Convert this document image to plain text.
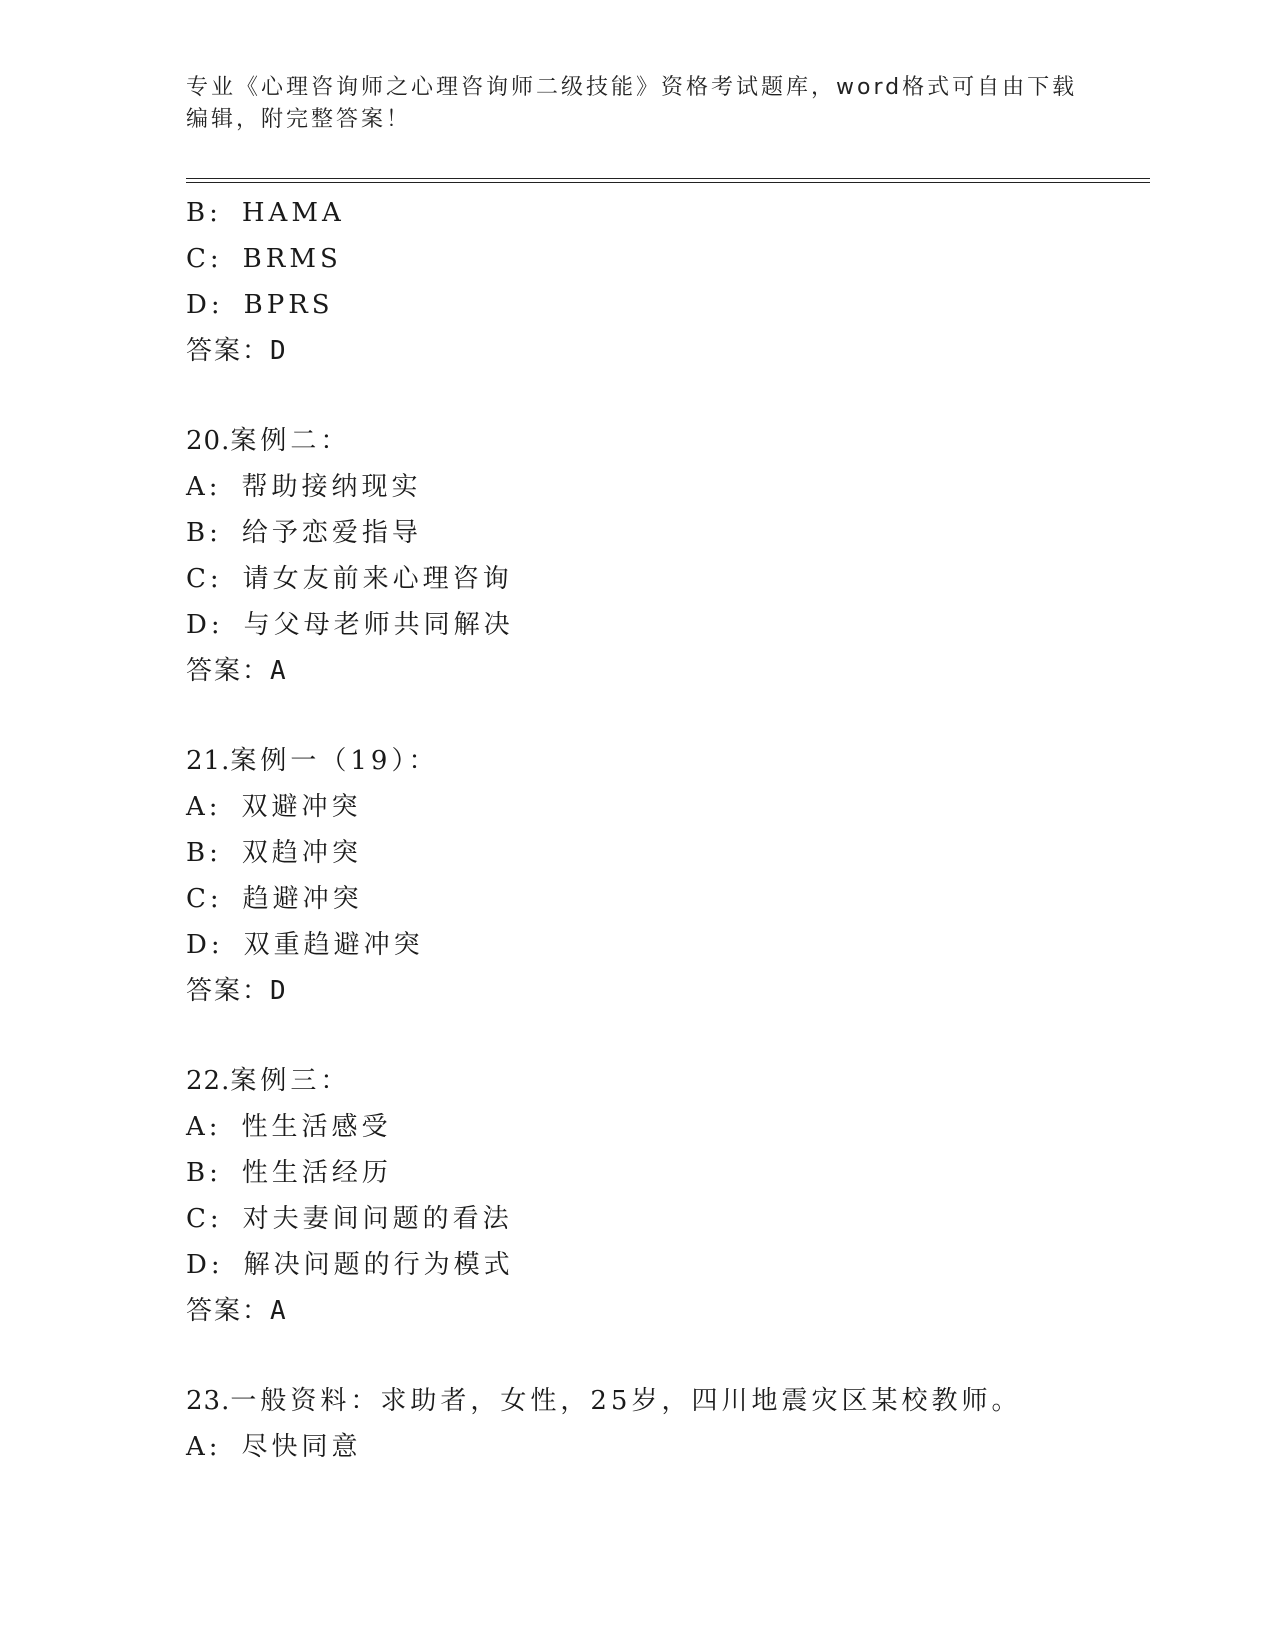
专业《心理咨询师之心理咨询师二级技能》资格考试题库，word格式可自由下载
编辑，附完整答案！
B: HAMA
C: BRMS
D: BPRS
答案：D
20.案例二：
A: 帮助接纳现实
B: 给予恋爱指导
C: 请女友前来心理咨询
D: 与父母老师共同解决
答案：A
21.案例一（19）：
A: 双避冲突
B: 双趋冲突
C: 趋避冲突
D: 双重趋避冲突
答案：D
22.案例三：
A: 性生活感受
B: 性生活经历
C: 对夫妻间问题的看法
D: 解决问题的行为模式
答案：A
23.一般资料：求助者，女性，25岁，四川地震灾区某校教师。
A: 尽快同意
